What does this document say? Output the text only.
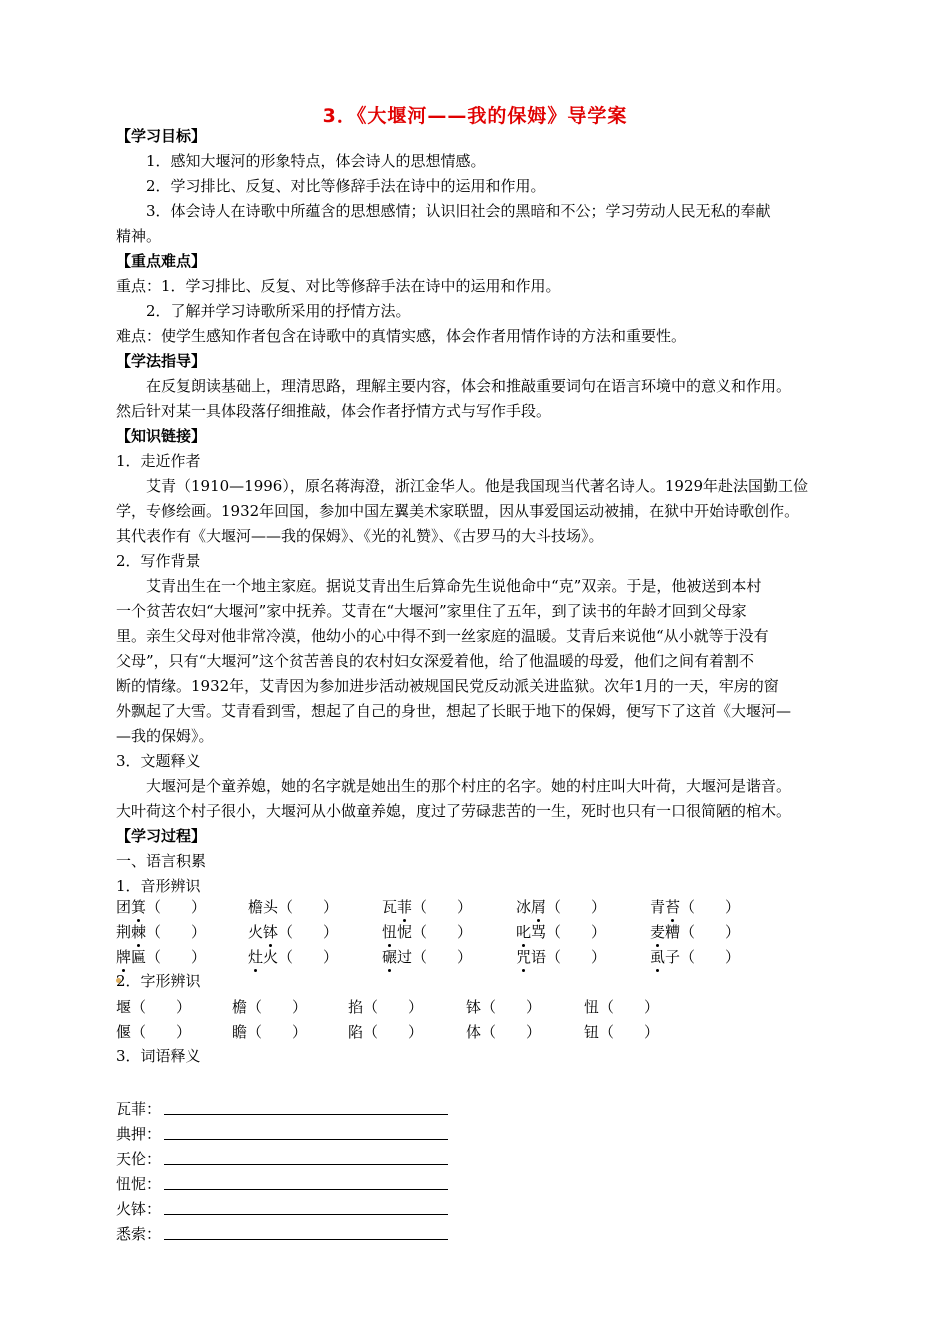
3．《大堰河——我的保姆》导学案
【学习目标】
1．感知大堰河的形象特点，体会诗人的思想情感。
2．学习排比、反复、对比等修辞手法在诗中的运用和作用。
3．体会诗人在诗歌中所蕴含的思想感情；认识旧社会的黑暗和不公；学习劳动人民无私的奉献
精神。
【重点难点】
重点：1．学习排比、反复、对比等修辞手法在诗中的运用和作用。
2．了解并学习诗歌所采用的抒情方法。
难点：使学生感知作者包含在诗歌中的真情实感，体会作者用情作诗的方法和重要性。
【学法指导】
在反复朗读基础上，理清思路，理解主要内容，体会和推敲重要词句在语言环境中的意义和作用。
然后针对某一具体段落仔细推敲，体会作者抒情方式与写作手段。
【知识链接】
1．走近作者
艾青（1910—1996），原名蒋海澄，浙江金华人。他是我国现当代著名诗人。1929年赴法国勤工俭
学，专修绘画。1932年回国，参加中国左翼美术家联盟，因从事爱国运动被捕，在狱中开始诗歌创作。
其代表作有《大堰河——我的保姆》、《光的礼赞》、《古罗马的大斗技场》。
2．写作背景
艾青出生在一个地主家庭。据说艾青出生后算命先生说他命中“克”双亲。于是，他被送到本村
一个贫苦农妇“大堰河”家中抚养。艾青在“大堰河”家里住了五年，到了读书的年龄才回到父母家
里。亲生父母对他非常冷漠，他幼小的心中得不到一丝家庭的温暖。艾青后来说他“从小就等于没有
父母”，只有“大堰河”这个贫苦善良的农村妇女深爱着他，给了他温暖的母爱，他们之间有着割不
断的情缘。1932年，艾青因为参加进步活动被规国民党反动派关进监狱。次年1月的一天，牢房的窗
外飘起了大雪。艾青看到雪，想起了自己的身世，想起了长眠于地下的保姆，便写下了这首《大堰河—
—我的保姆》。
3．文题释义
大堰河是个童养媳，她的名字就是她出生的那个村庄的名字。她的村庄叫大叶荷，大堰河是谐音。
大叶荷这个村子很小，大堰河从小做童养媳，度过了劳碌悲苦的一生，死时也只有一口很简陋的棺木。
【学习过程】
一、语言积累
1．音形辨识
团箕（　　）	檐头（　　）	瓦菲（　　）	冰屑（　　）	青苔（　　）
荆棘（　　）	火钵（　　）	忸怩（　　）	叱骂（　　）	麦糟（　　）
牌匾（　　）	灶火（　　）	碾过（　　）	咒语（　　）	虱子（　　）
2．字形辨识
堰（　　）	檐（　　）	掐（　　）	钵（　　）	忸（　　）
偃（　　）	瞻（　　）	陷（　　）	体（　　）	钮（　　）
3．词语释义
瓦菲：
典押：
天伦：
忸怩：
火钵：
悉索：
